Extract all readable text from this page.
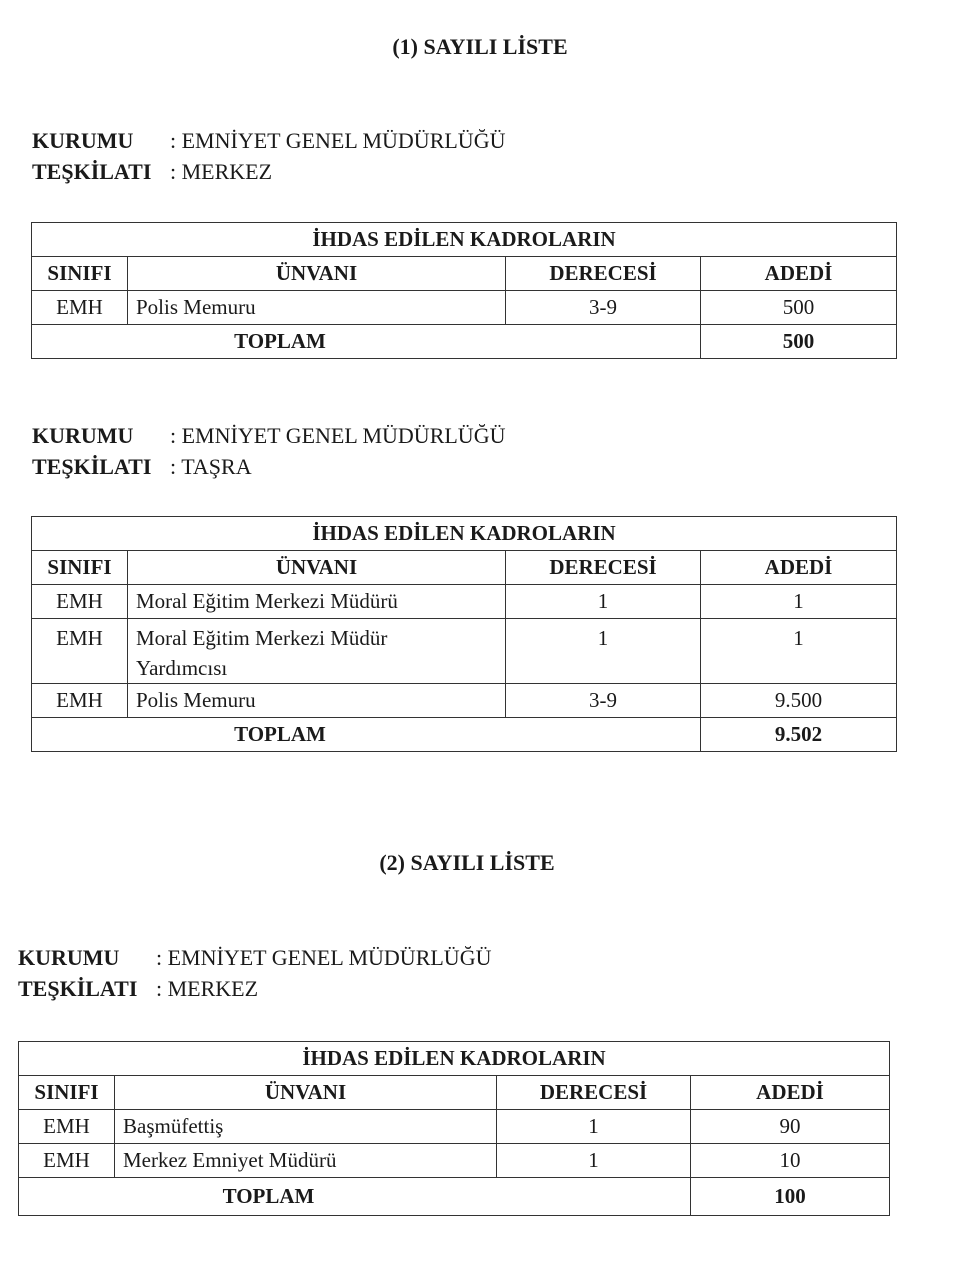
(1) SAYILI LİSTE
KURUMU : EMNİYET GENEL MÜDÜRLÜĞÜ
TEŞKİLATI : MERKEZ
İHDAS EDİLEN KADROLARIN			
SINIFI	ÜNVANI	DERECESİ	ADEDİ
EMH	Polis Memuru	3-9	500
TOPLAM			500
KURUMU : EMNİYET GENEL MÜDÜRLÜĞÜ
TEŞKİLATI : TAŞRA
İHDAS EDİLEN KADROLARIN			
SINIFI	ÜNVANI	DERECESİ	ADEDİ
EMH	Moral Eğitim Merkezi Müdürü	1	1
EMH	Moral Eğitim Merkezi Müdür Yardımcısı	1	1
EMH	Polis Memuru	3-9	9.500
TOPLAM			9.502
(2) SAYILI LİSTE
KURUMU : EMNİYET GENEL MÜDÜRLÜĞÜ
TEŞKİLATI : MERKEZ
İHDAS EDİLEN KADROLARIN			
SINIFI	ÜNVANI	DERECESİ	ADEDİ
EMH	Başmüfettiş	1	90
EMH	Merkez Emniyet Müdürü	1	10
TOPLAM			100
